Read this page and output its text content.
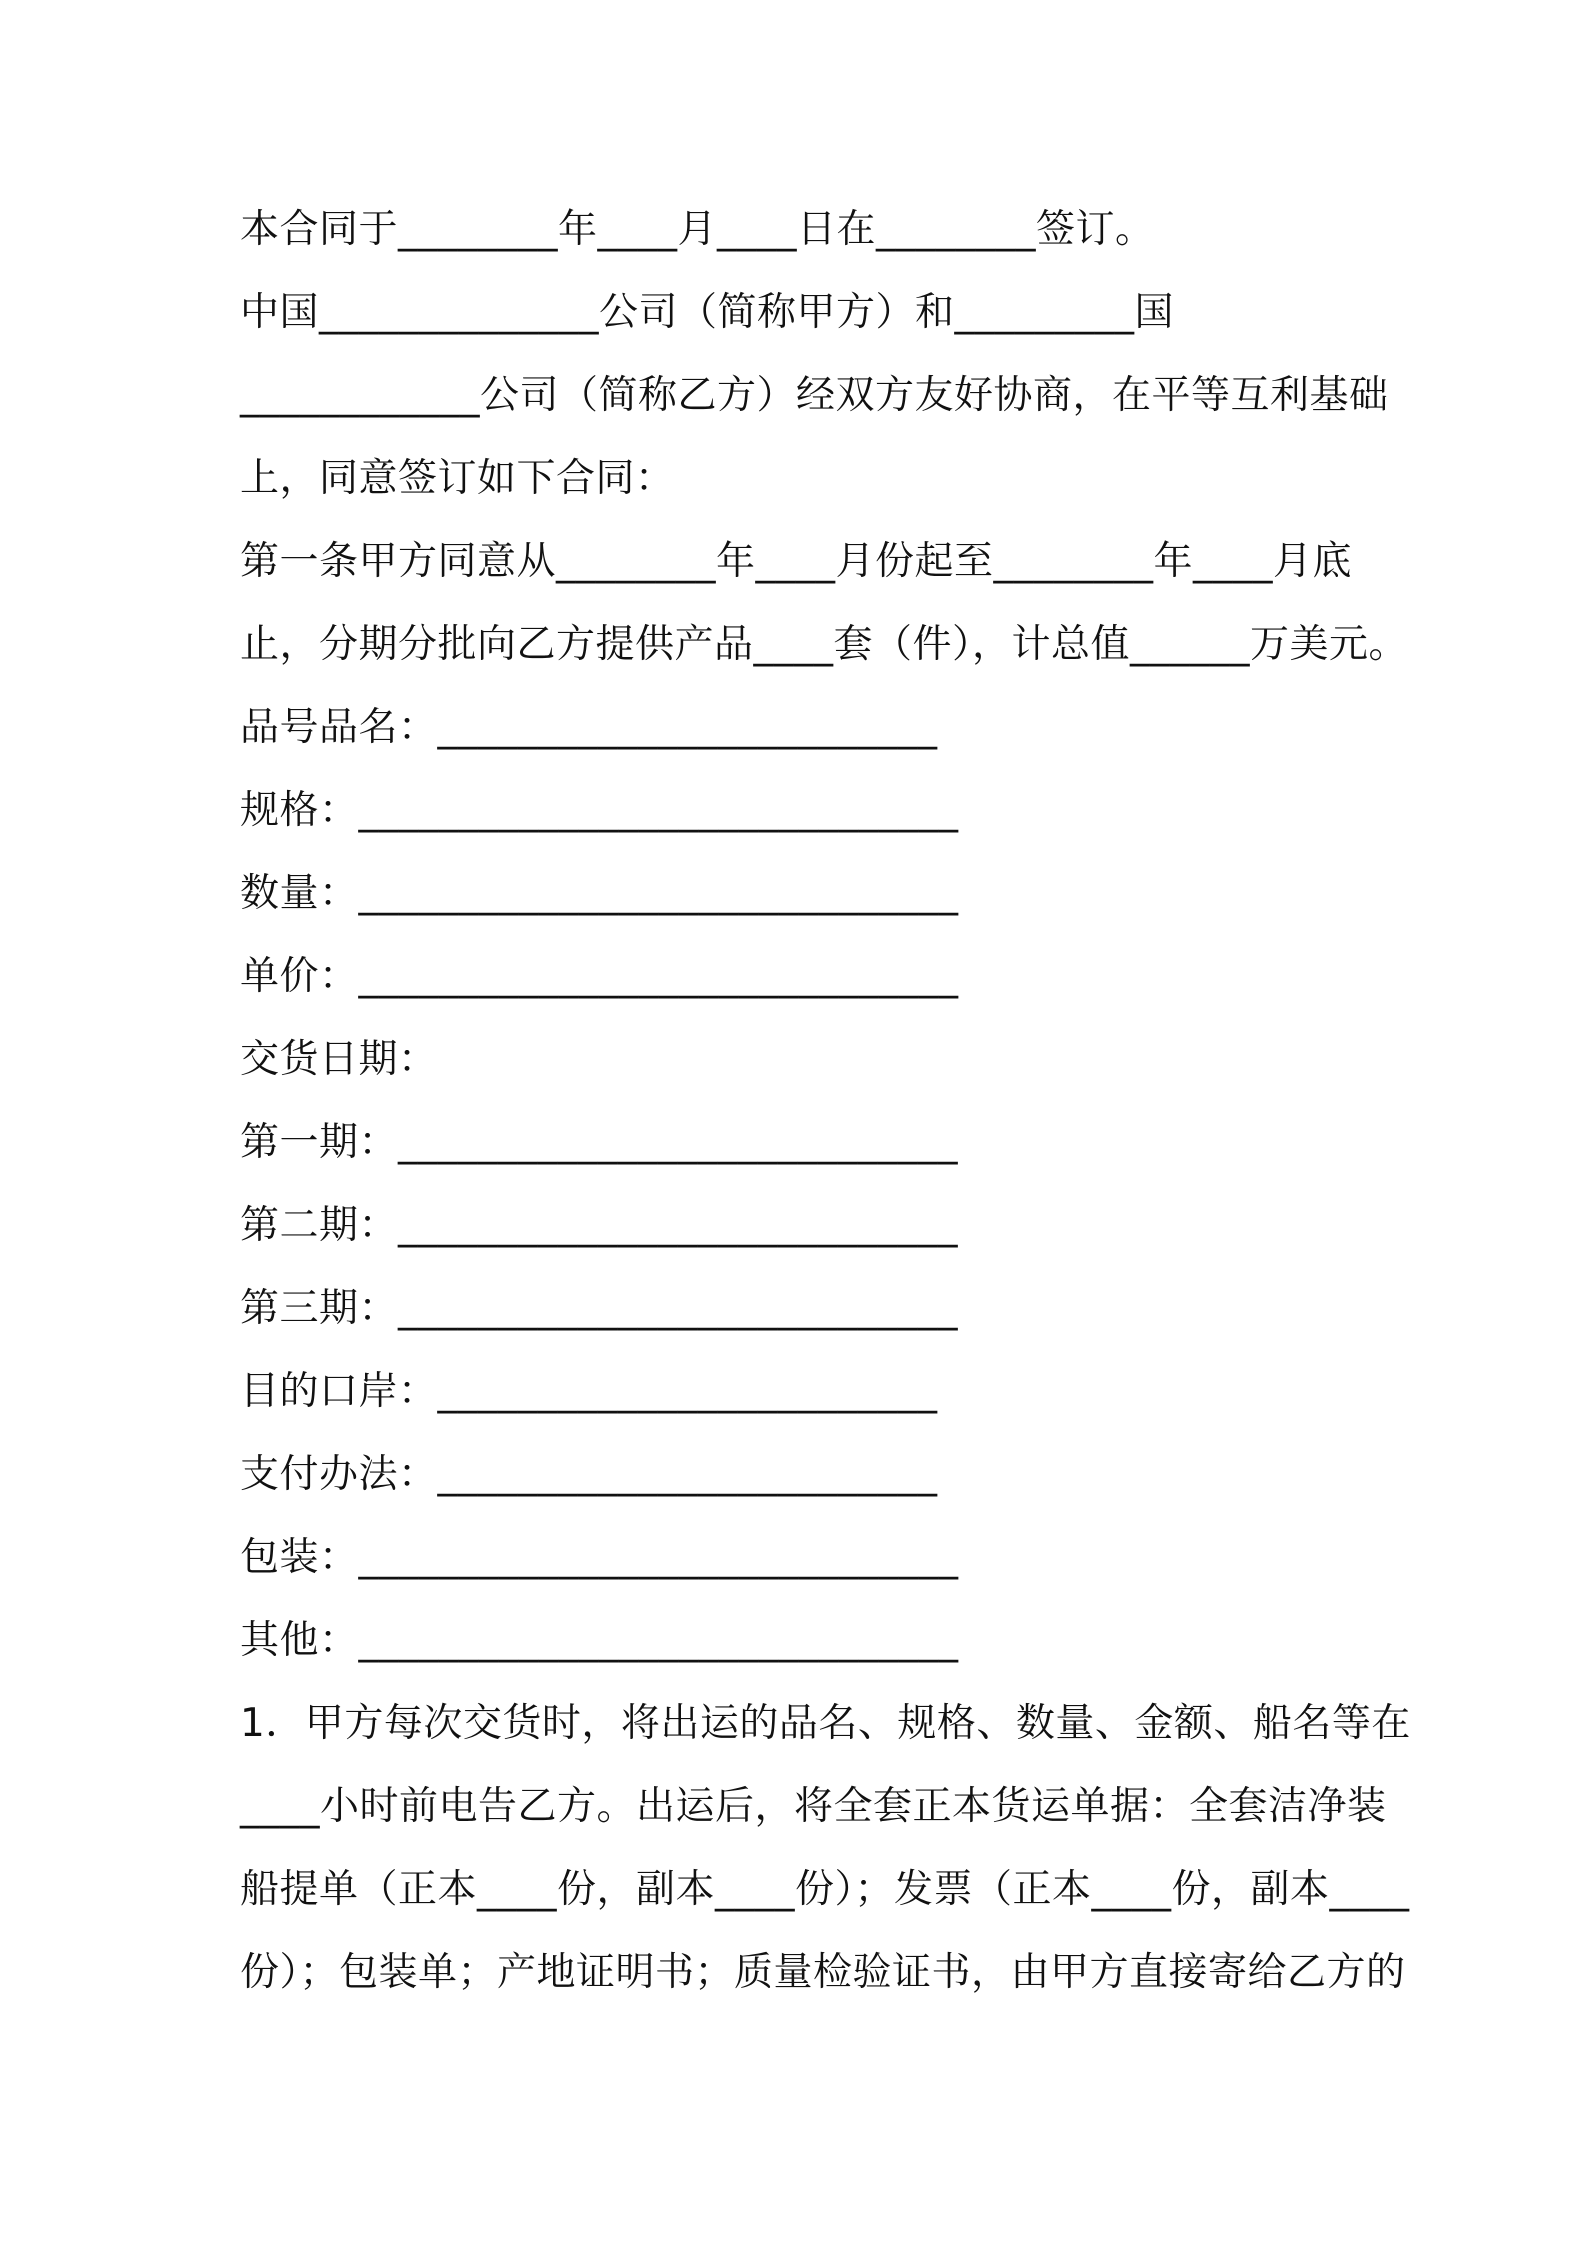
本合同于________年____月____日在________签订。
中国______________公司（简称甲方）和_________国
____________公司（简称乙方）经双方友好协商，在平等互利基础
上，同意签订如下合同：
第一条甲方同意从________年____月份起至________年____月底
止，分期分批向乙方提供产品____套（件），计总值______万美元。
品号品名：_________________________
规格：______________________________
数量：______________________________
单价：______________________________
交货日期：
第一期：____________________________
第二期：____________________________
第三期：____________________________
目的口岸：_________________________
支付办法：_________________________
包装：______________________________
其他：______________________________
1．甲方每次交货时，将出运的品名、规格、数量、金额、船名等在
____小时前电告乙方。出运后，将全套正本货运单据：全套洁净装
船提单（正本____份，副本____份）；发票（正本____份，副本____
份）；包装单；产地证明书；质量检验证书，由甲方直接寄给乙方的
